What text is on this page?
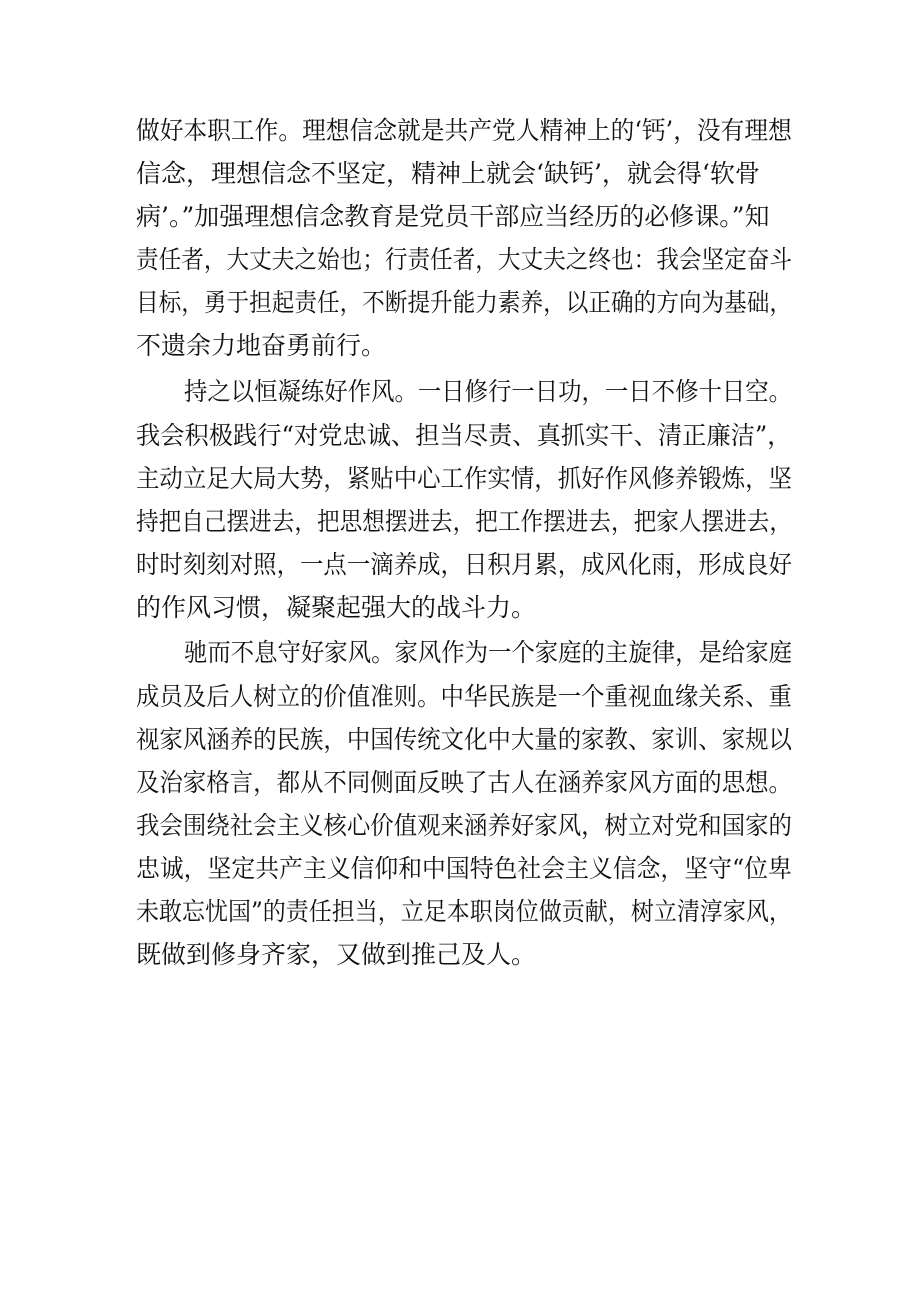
做好本职工作。理想信念就是共产党人精神上的‘钙’，没有理想

信念，理想信念不坚定，精神上就会‘缺钙’，就会得‘软骨

病’。”加强理想信念教育是党员干部应当经历的必修课。”知

责任者，大丈夫之始也；行责任者，大丈夫之终也：我会坚定奋斗

目标，勇于担起责任，不断提升能力素养，以正确的方向为基础，

不遗余力地奋勇前行。

持之以恒凝练好作风。一日修行一日功，一日不修十日空。

我会积极践行“对党忠诚、担当尽责、真抓实干、清正廉洁”，

主动立足大局大势，紧贴中心工作实情，抓好作风修养锻炼，坚

持把自己摆进去，把思想摆进去，把工作摆进去，把家人摆进去，

时时刻刻对照，一点一滴养成，日积月累，成风化雨，形成良好

的作风习惯，凝聚起强大的战斗力。

驰而不息守好家风。家风作为一个家庭的主旋律，是给家庭

成员及后人树立的价值准则。中华民族是一个重视血缘关系、重

视家风涵养的民族，中国传统文化中大量的家教、家训、家规以

及治家格言，都从不同侧面反映了古人在涵养家风方面的思想。

我会围绕社会主义核心价值观来涵养好家风，树立对党和国家的

忠诚，坚定共产主义信仰和中国特色社会主义信念，坚守“位卑

未敢忘忧国”的责任担当，立足本职岗位做贡献，树立清淳家风，

既做到修身齐家，又做到推己及人。
